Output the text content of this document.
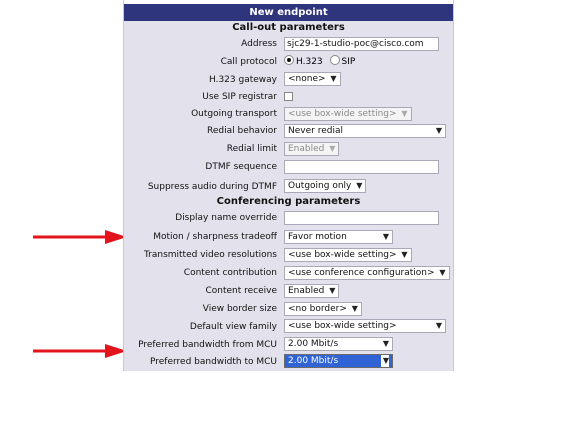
New endpoint
Call-out parameters
Address	sjc29-1-studio-poc@cisco.com
Call protocol	H.323 SIP
H.323 gateway	<none> ▼
Use SIP registrar
Outgoing transport	<use box-wide setting> ▼
Redial behavior	Never redial	▼
Redial limit	Enabled ▼
DTMF sequence
Suppress audio during DTMF	Outgoing only ▼
Conferencing parameters
Display name override
Motion / sharpness tradeoff	Favor motion	▼
Transmitted video resolutions	<use box-wide setting> ▼
Content contribution	<use conference configuration> ▼
Content receive	Enabled ▼
View border size	<no border> ▼
Default view family	<use box-wide setting>	▼
Preferred bandwidth from MCU	2.00 Mbit/s	▼
Preferred bandwidth to MCU	2.00 Mbit/s	▼
